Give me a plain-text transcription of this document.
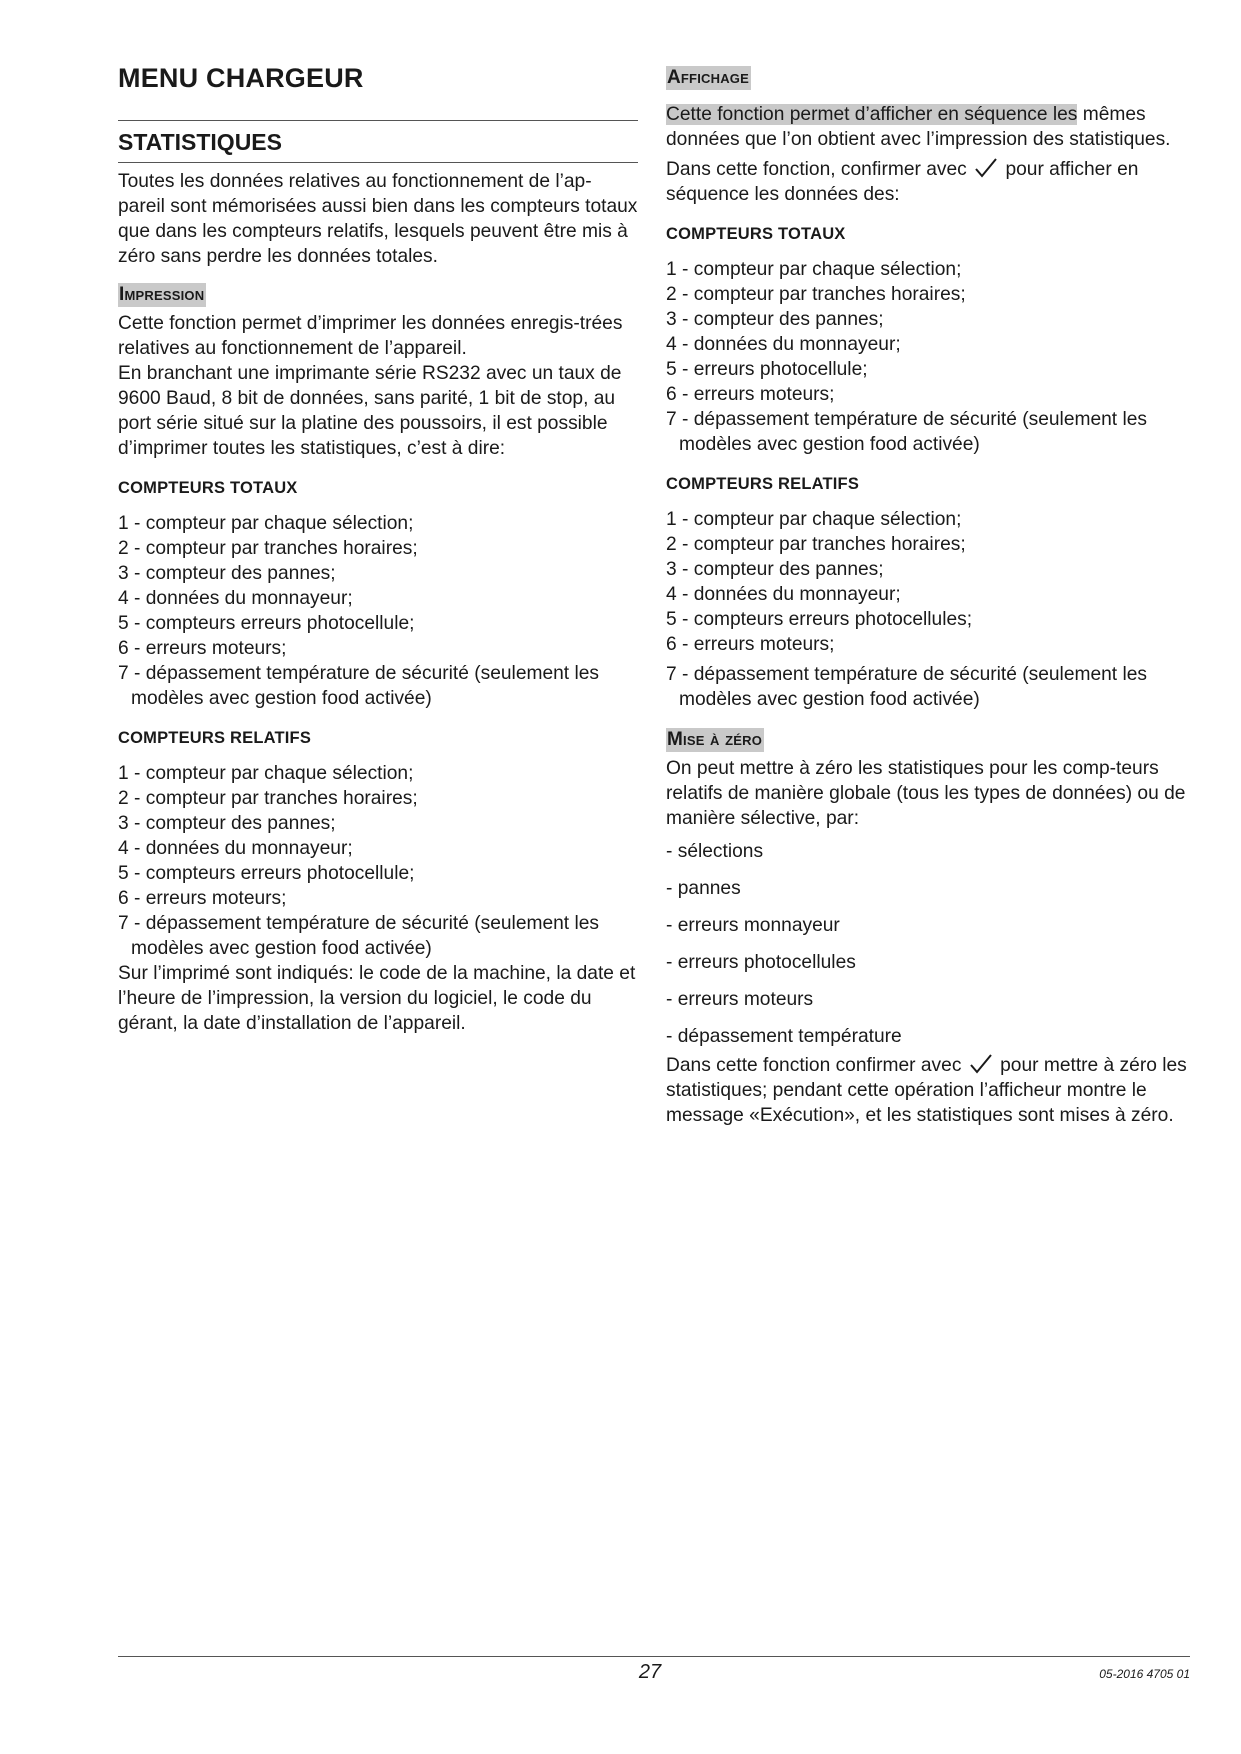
MENU CHARGEUR
STATISTIQUES

Toutes les données relatives au fonctionnement de l’ap-pareil sont mémorisées aussi bien dans les compteurs totaux que dans les compteurs relatifs, lesquels peuvent être mis à zéro sans perdre les données totales.

Impression

Cette fonction permet d’imprimer les données enregis-trées relatives au fonctionnement de l’appareil.

En branchant une imprimante série RS232 avec un taux de 9600 Baud, 8 bit de données, sans parité, 1 bit de stop, au port série situé sur la platine des poussoirs, il est possible d’imprimer toutes les statistiques, c’est à dire:

COMPTEURS TOTAUX
1 - compteur par chaque sélection;
2 - compteur par tranches horaires;
3 - compteur des pannes;
4 - données du monnayeur;
5 - compteurs erreurs photocellule;
6 - erreurs moteurs;
7 - dépassement température de sécurité (seulement les modèles avec gestion food activée)
COMPTEURS RELATIFS
1 - compteur par chaque sélection;
2 - compteur par tranches horaires;
3 - compteur des pannes;
4 - données du monnayeur;
5 - compteurs erreurs photocellule;
6 - erreurs moteurs;
7 - dépassement température de sécurité (seulement les modèles avec gestion food activée)

Sur l’imprimé sont indiqués: le code de la machine, la date et l’heure de l’impression, la version du logiciel, le code du gérant, la date d’installation de l’appareil.

Affichage

Cette fonction permet d’afficher en séquence les mêmes données que l’on obtient avec l’impression des statistiques.

Dans cette fonction, confirmer avec pour afficher en séquence les données des:

COMPTEURS TOTAUX
1 - compteur par chaque sélection;
2 - compteur par tranches horaires;
3 - compteur des pannes;
4 - données du monnayeur;
5 - erreurs photocellule;
6 - erreurs moteurs;
7 - dépassement température de sécurité (seulement les modèles avec gestion food activée)
COMPTEURS RELATIFS
1 - compteur par chaque sélection;
2 - compteur par tranches horaires;
3 - compteur des pannes;
4 - données du monnayeur;
5 - compteurs erreurs photocellules;
6 - erreurs moteurs;
7 - dépassement température de sécurité (seulement les modèles avec gestion food activée)
Mise à zéro

On peut mettre à zéro les statistiques pour les comp-teurs relatifs de manière globale (tous les types de données) ou de manière sélective, par:

- sélections
- pannes
- erreurs monnayeur
- erreurs photocellules
- erreurs moteurs
- dépassement température

Dans cette fonction confirmer avec pour mettre à zéro les statistiques; pendant cette opération l’afficheur montre le message «Exécution», et les statistiques sont mises à zéro.

27	05-2016 4705 01
